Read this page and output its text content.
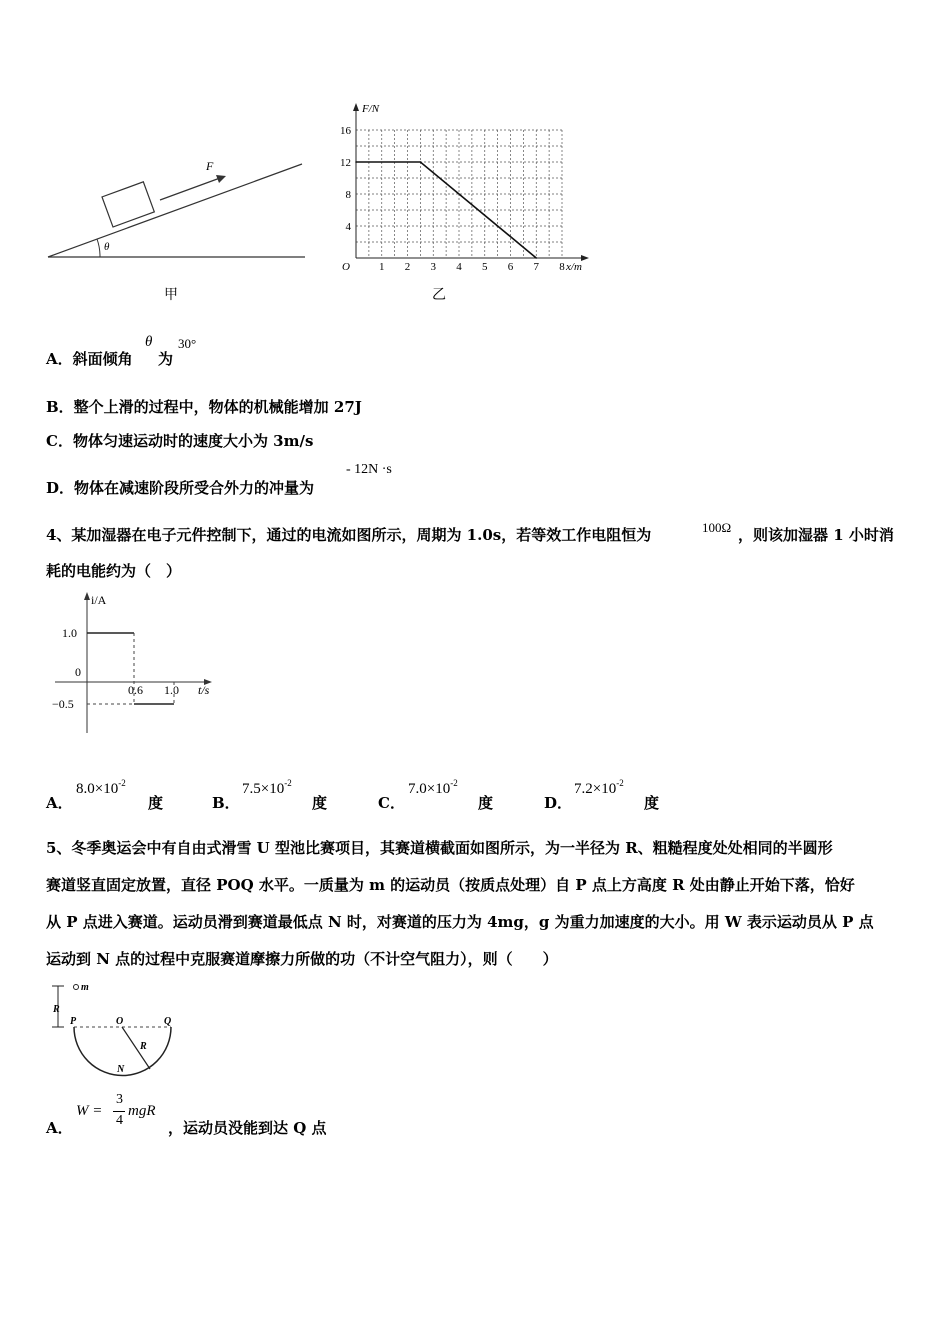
θ
F
甲
F/N
x/m
O
16
12
8
4
1 2 3 4 5 6 7 8
乙
A．斜面倾角
θ
为
30°
B．整个上滑的过程中，物体的机械能增加 27J
C．物体匀速运动时的速度大小为 3m/s
D．物体在减速阶段所受合外力的冲量为
- 12N ·s
4、某加湿器在电子元件控制下，通过的电流如图所示，周期为 1.0s，若等效工作电阻恒为	100Ω ，则该加湿器 1 小时消
耗的电能约为（　）
i/A
t/s
1.0
0
−0.5
0.6 1.0
A．
$8.0\times 10^{-2}$
度	B．
$7.5\times 10^{-2}$
度	C．
$7.0\times 10^{-2}$
度	D．
$7.2\times 10^{-2}$
度
5、冬季奥运会中有自由式滑雪 U 型池比赛项目，其赛道横截面如图所示，为一半径为 R、粗糙程度处处相同的半圆形
赛道竖直固定放置，直径 POQ 水平。一质量为 m 的运动员（按质点处理）自 P 点上方高度 R 处由静止开始下落，恰好
从 P 点进入赛道。运动员滑到赛道最低点 N 时，对赛道的压力为 4mg，g 为重力加速度的大小。用 W 表示运动员从 P 点
运动到 N 点的过程中克服赛道摩擦力所做的功（不计空气阻力），则（　　）
m
R
P	O	Q
R
N
A．
W =
3
4
mgR
，运动员没能到达 Q 点
